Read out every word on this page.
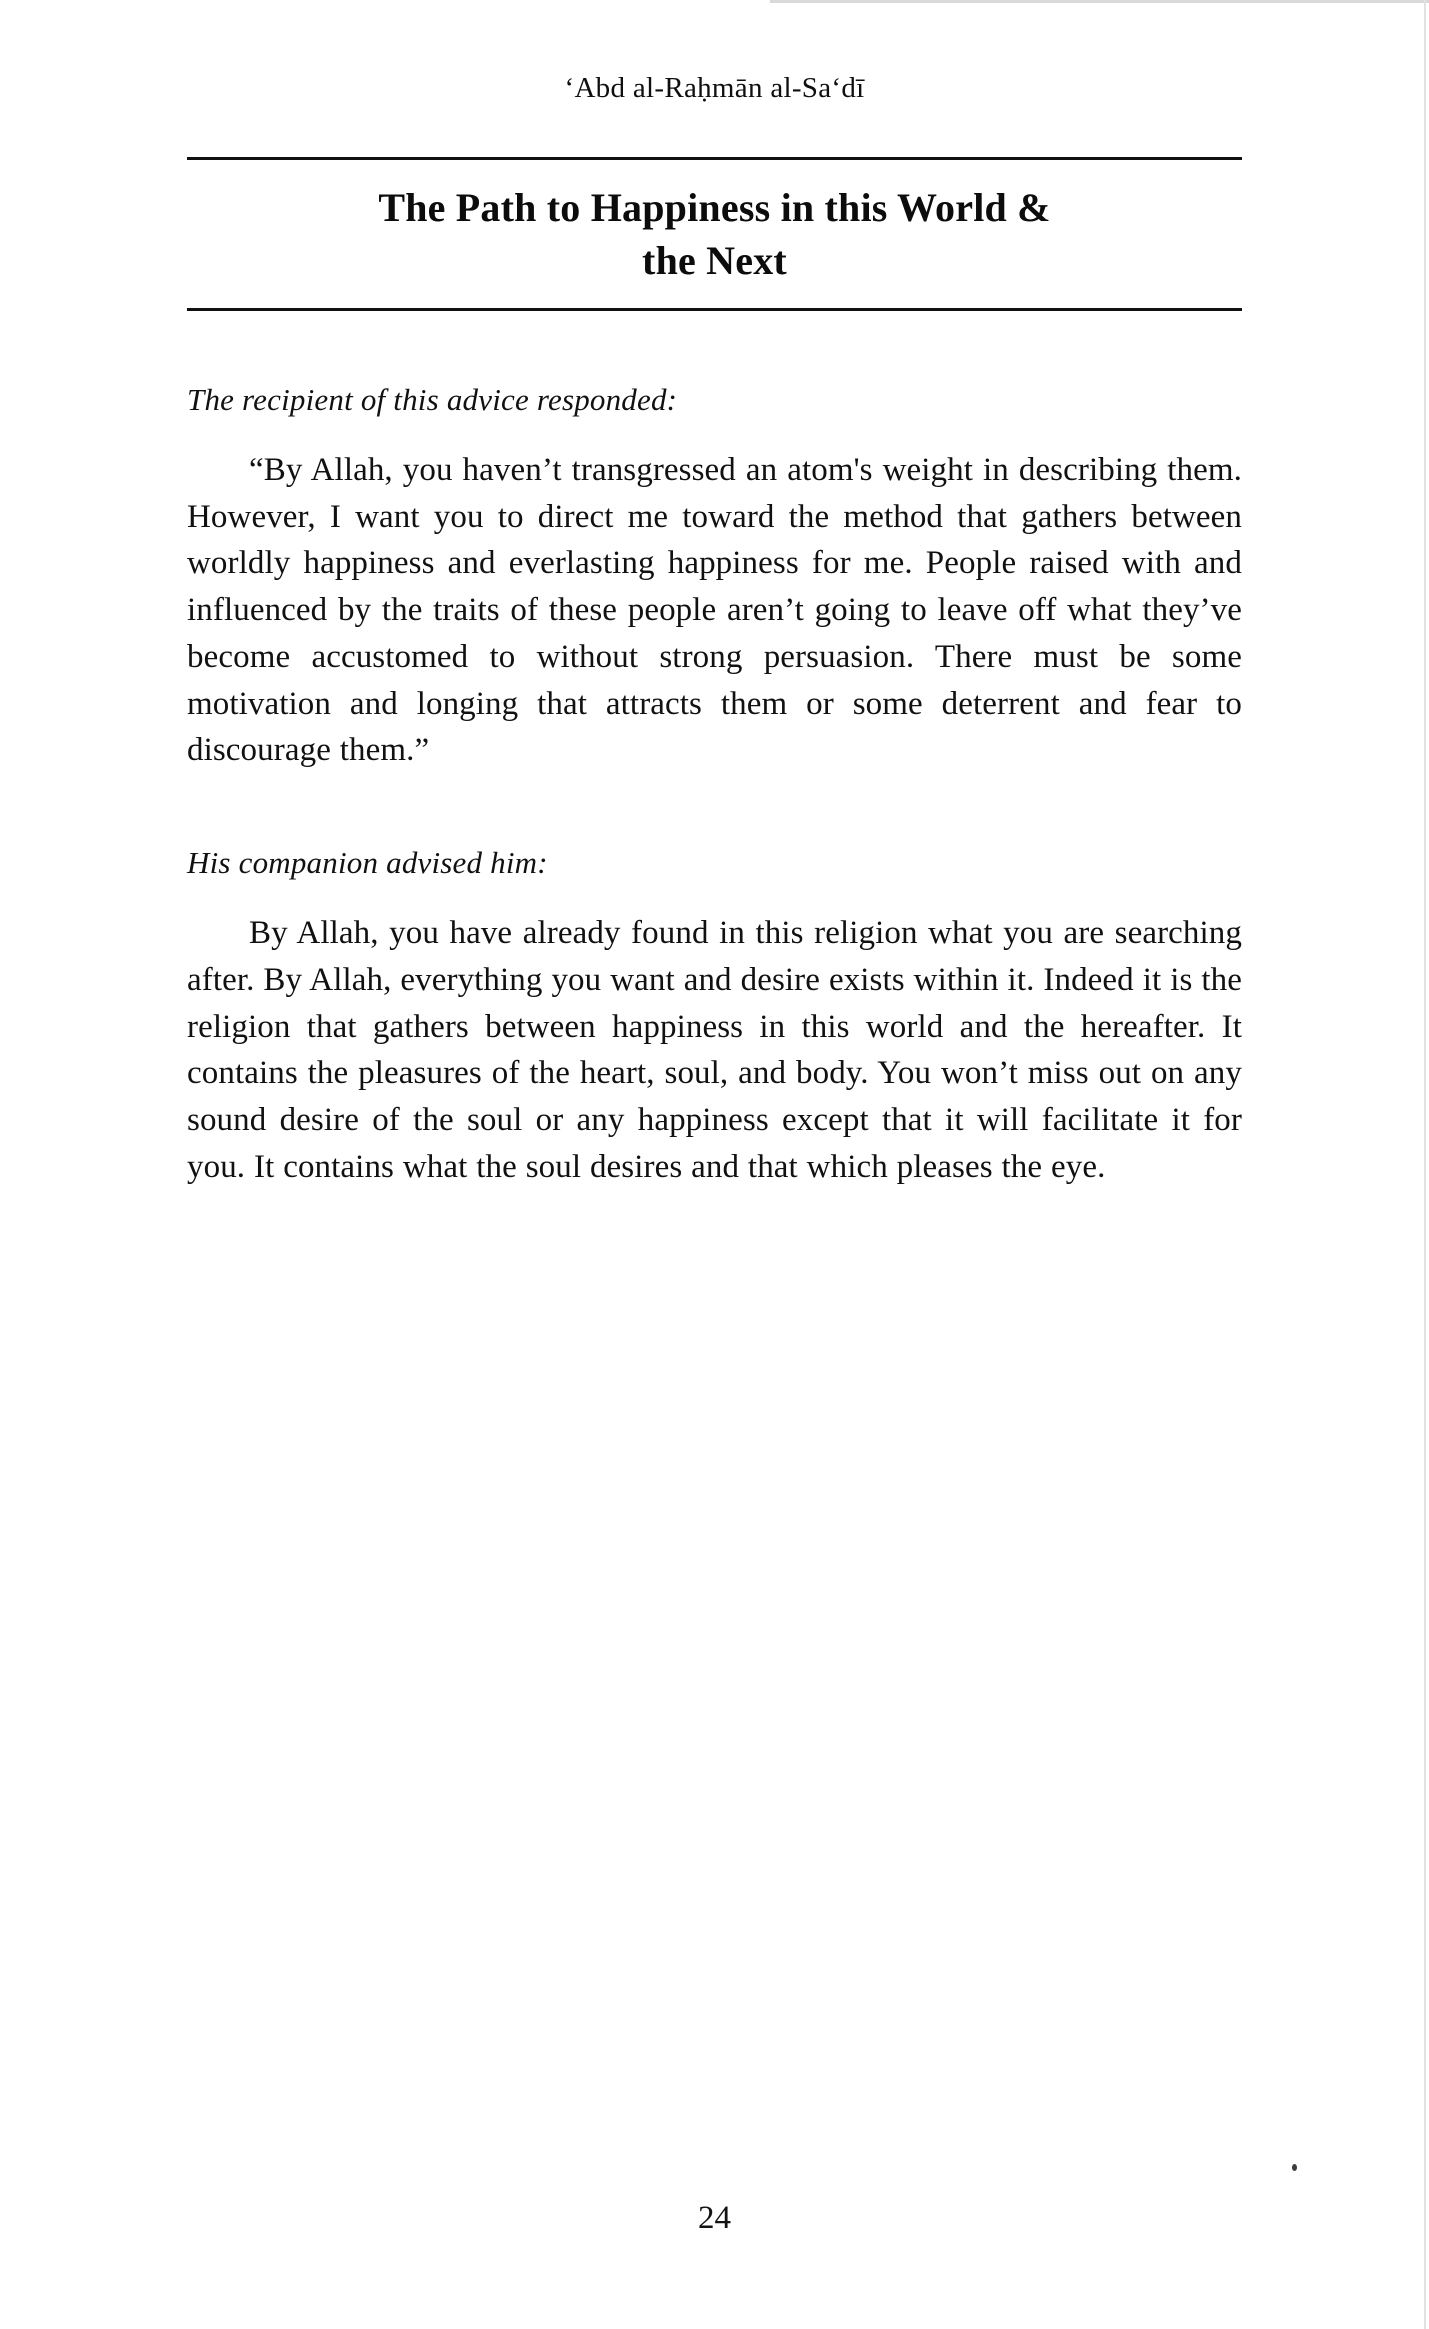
‘Abd al-Raḥmān al-Sa‘dī
The Path to Happiness in this World &
the Next
The recipient of this advice responded:
“By Allah, you haven’t transgressed an atom's weight in describing them. However, I want you to direct me toward the method that gathers between worldly happiness and everlasting happiness for me. People raised with and influenced by the traits of these people aren’t going to leave off what they’ve become accustomed to without strong persuasion. There must be some motivation and longing that attracts them or some deterrent and fear to discourage them.”
His companion advised him:
By Allah, you have already found in this religion what you are searching after. By Allah, everything you want and desire exists within it. Indeed it is the religion that gathers between happiness in this world and the hereafter. It contains the pleasures of the heart, soul, and body. You won’t miss out on any sound desire of the soul or any happiness except that it will facilitate it for you. It contains what the soul desires and that which pleases the eye.
24
